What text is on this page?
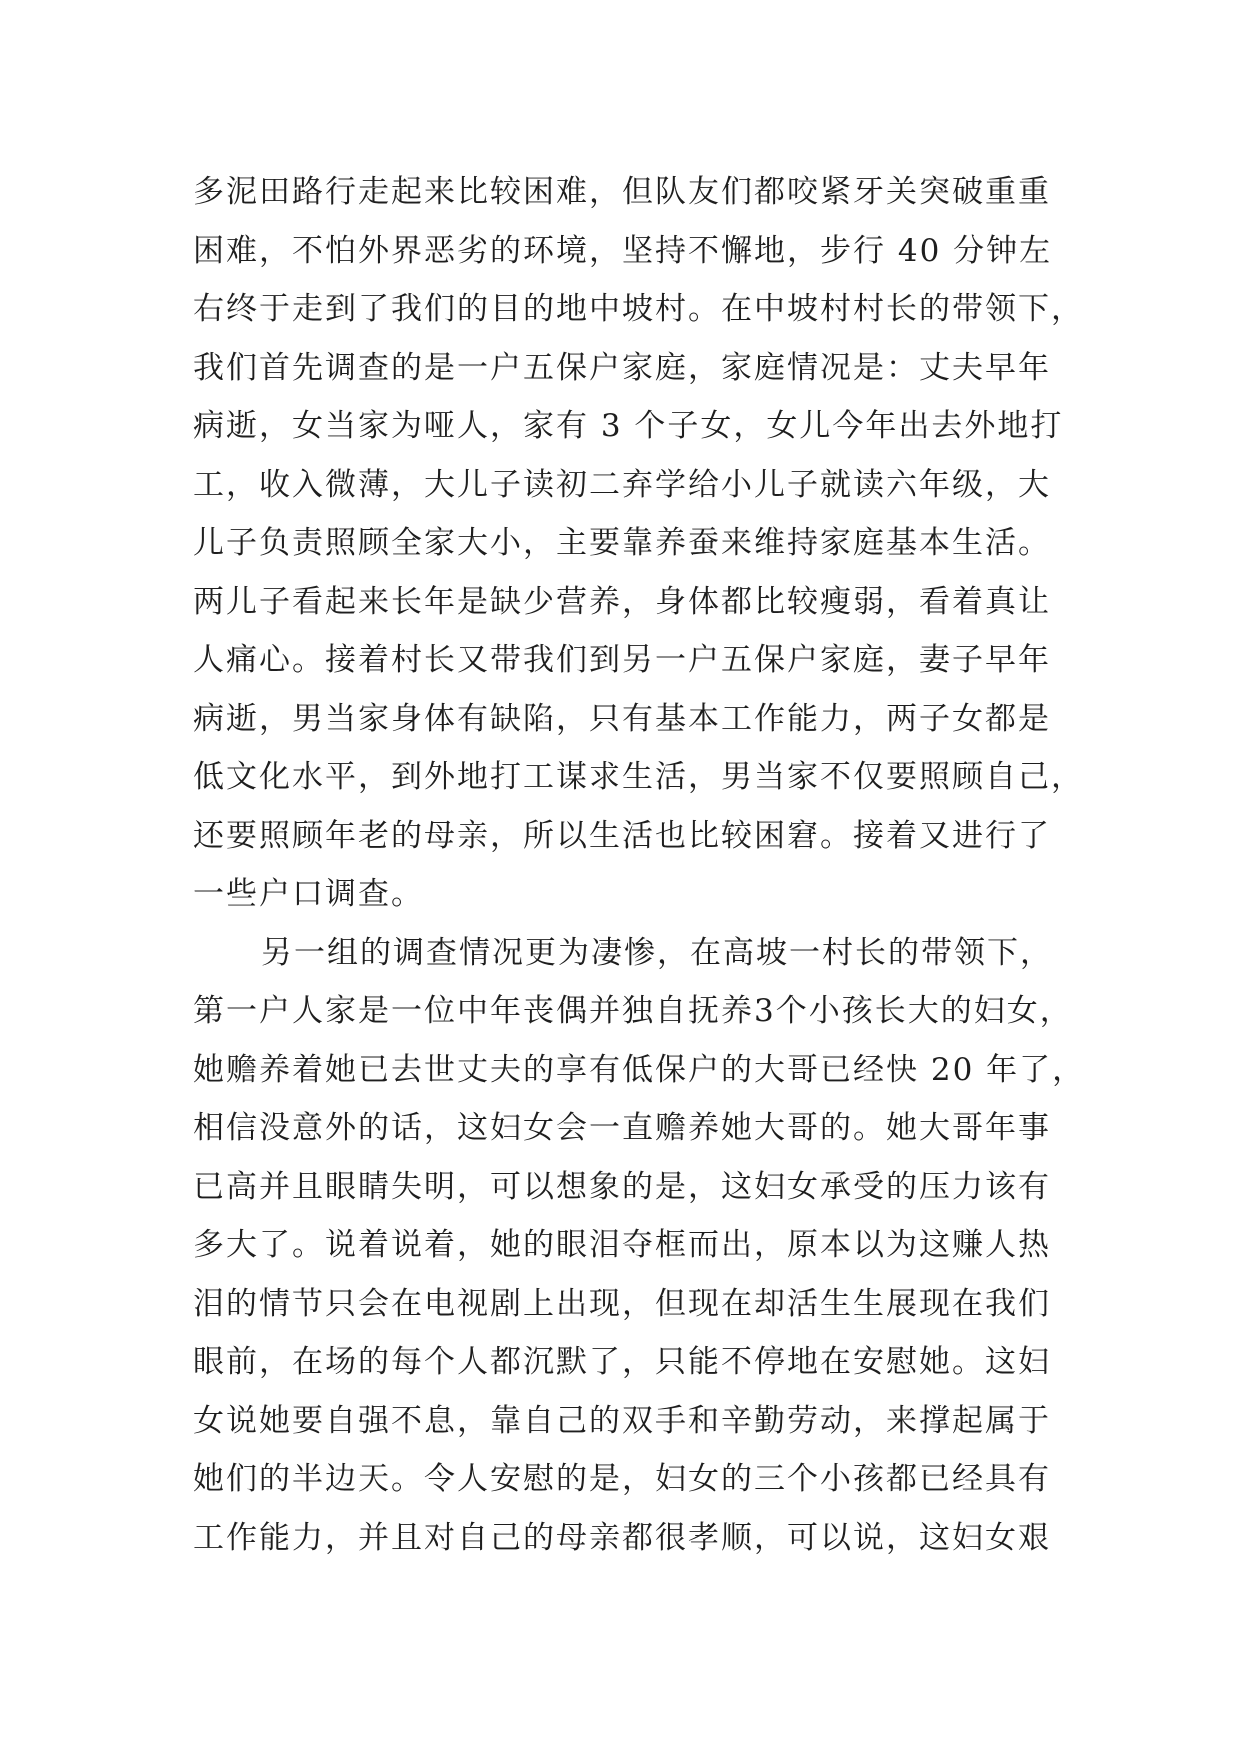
多泥田路行走起来比较困难，但队友们都咬紧牙关突破重重
困难，不怕外界恶劣的环境，坚持不懈地，步行 40 分钟左
右终于走到了我们的目的地中坡村。在中坡村村长的带领下，
我们首先调查的是一户五保户家庭，家庭情况是：丈夫早年
病逝，女当家为哑人，家有 3 个子女，女儿今年出去外地打
工，收入微薄，大儿子读初二弃学给小儿子就读六年级，大
儿子负责照顾全家大小，主要靠养蚕来维持家庭基本生活。
两儿子看起来长年是缺少营养，身体都比较瘦弱，看着真让
人痛心。接着村长又带我们到另一户五保户家庭，妻子早年
病逝，男当家身体有缺陷，只有基本工作能力，两子女都是
低文化水平，到外地打工谋求生活，男当家不仅要照顾自己，
还要照顾年老的母亲，所以生活也比较困窘。接着又进行了
一些户口调查。
另一组的调查情况更为凄惨，在高坡一村长的带领下，
第一户人家是一位中年丧偶并独自抚养3个小孩长大的妇女，
她赡养着她已去世丈夫的享有低保户的大哥已经快 20 年了，
相信没意外的话，这妇女会一直赡养她大哥的。她大哥年事
已高并且眼睛失明，可以想象的是，这妇女承受的压力该有
多大了。说着说着，她的眼泪夺框而出，原本以为这赚人热
泪的情节只会在电视剧上出现，但现在却活生生展现在我们
眼前，在场的每个人都沉默了，只能不停地在安慰她。这妇
女说她要自强不息，靠自己的双手和辛勤劳动，来撑起属于
她们的半边天。令人安慰的是，妇女的三个小孩都已经具有
工作能力，并且对自己的母亲都很孝顺，可以说，这妇女艰
